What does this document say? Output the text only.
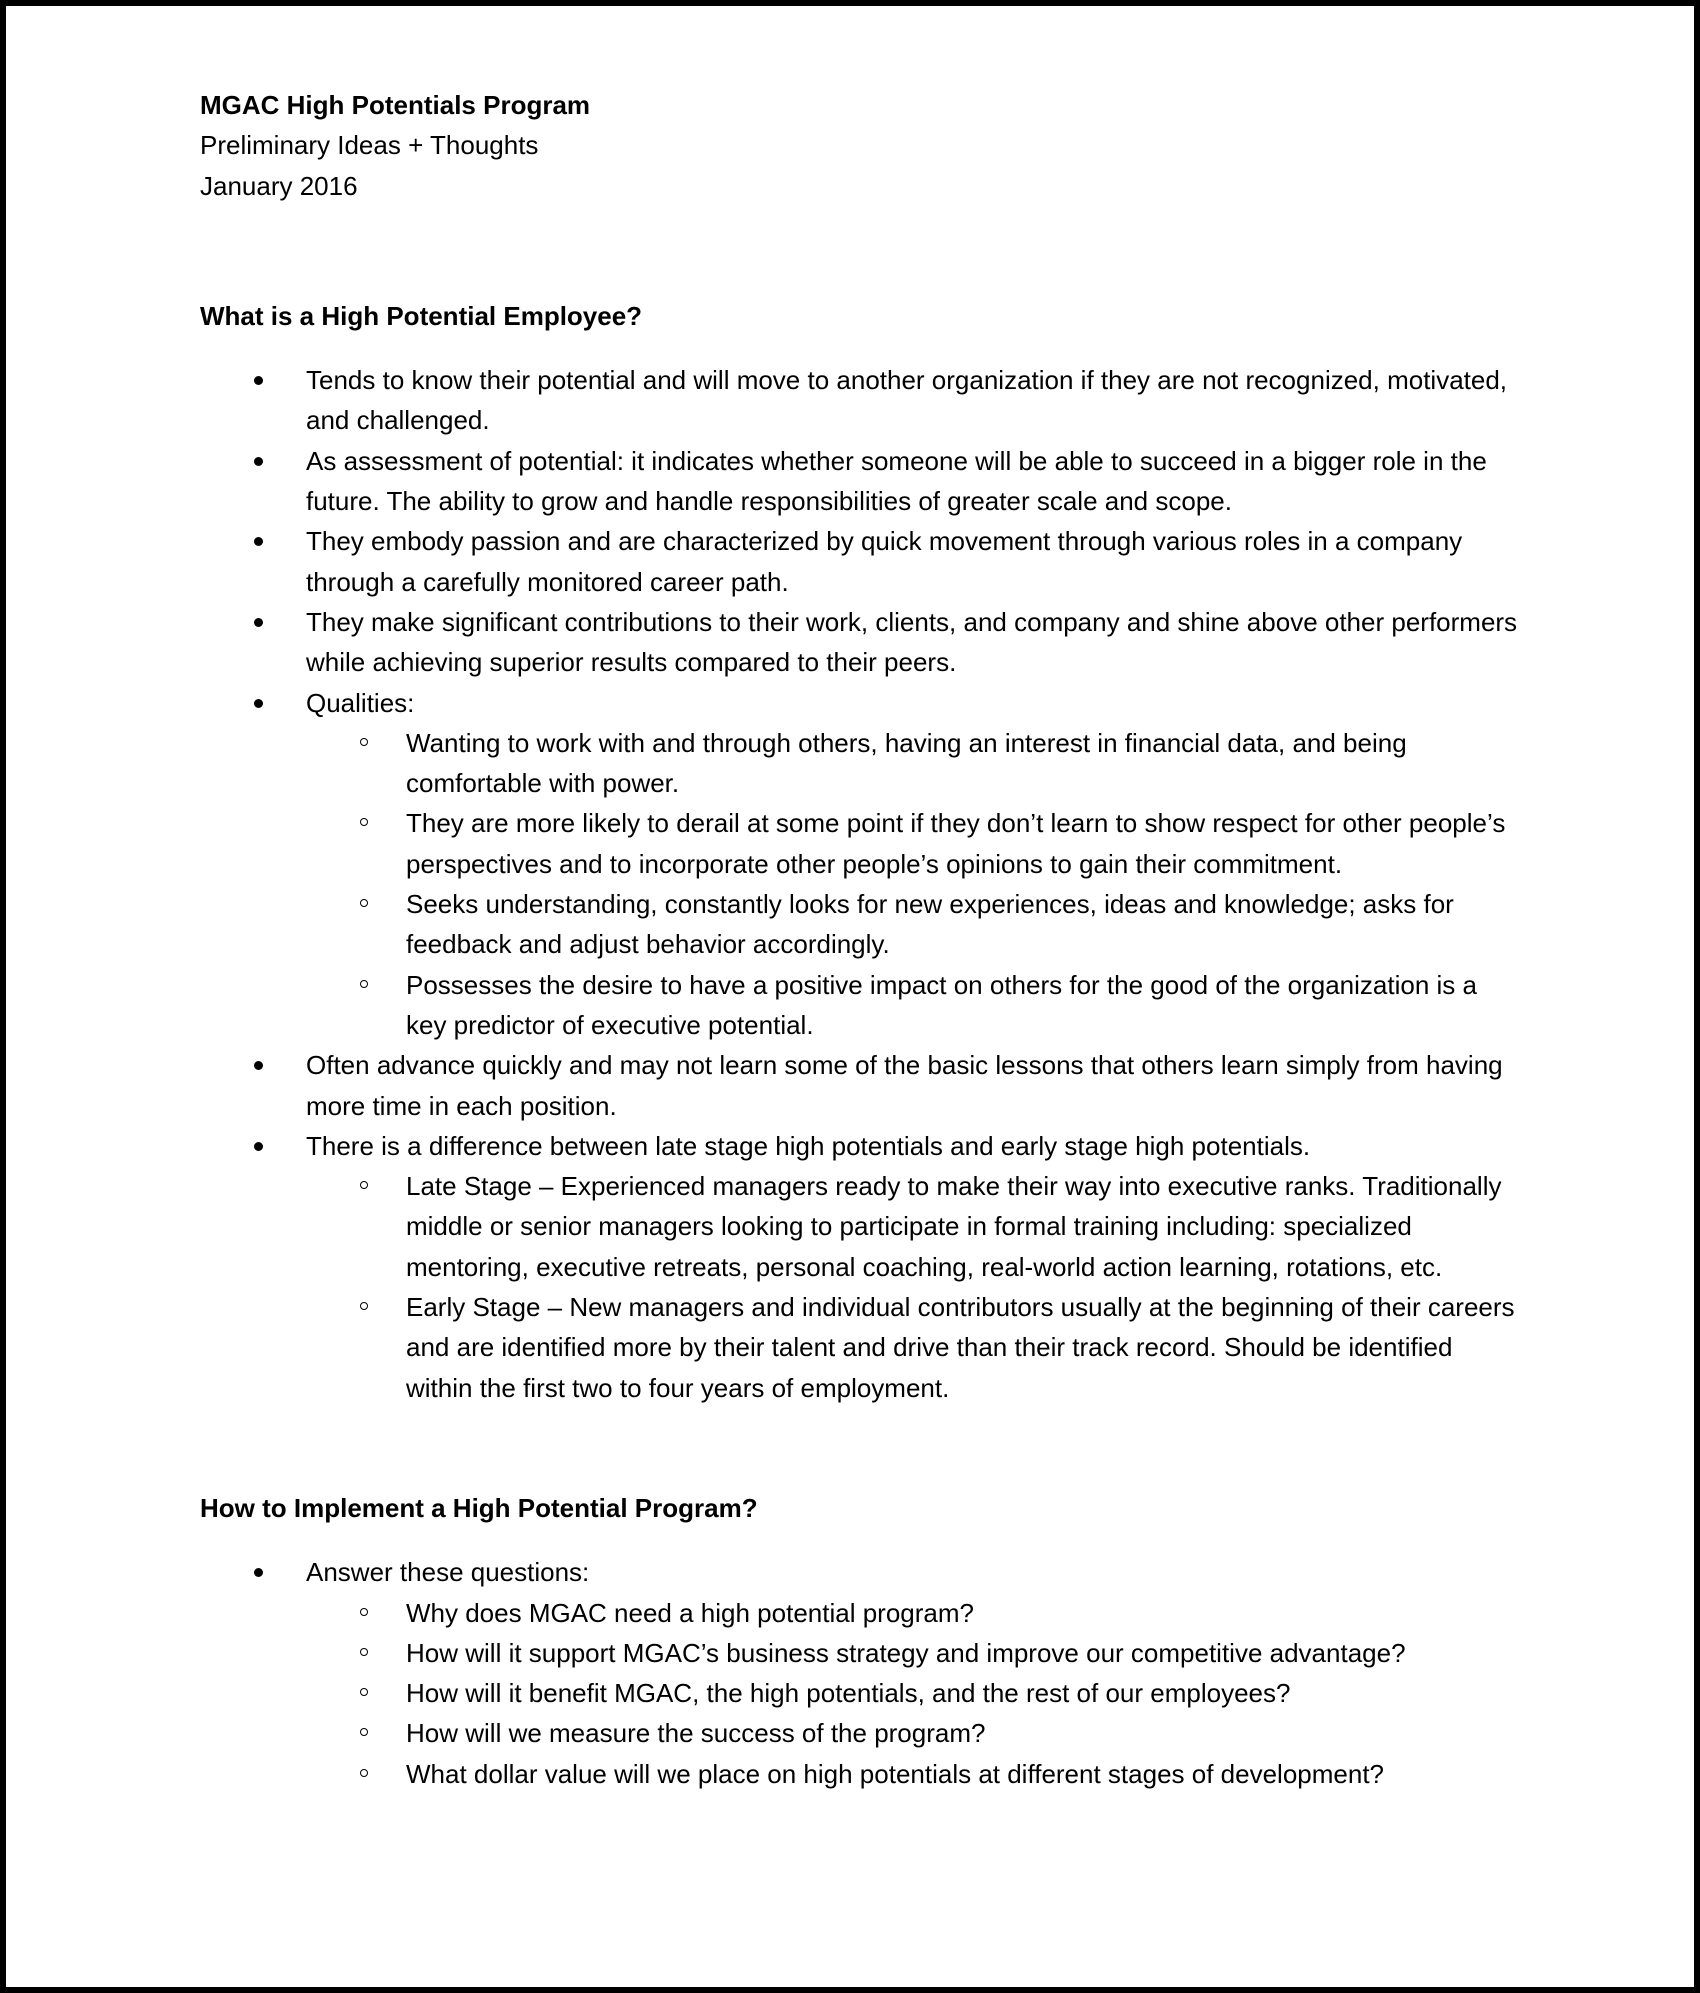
MGAC High Potentials Program
Preliminary Ideas + Thoughts
January 2016
What is a High Potential Employee?
Tends to know their potential and will move to another organization if they are not recognized, motivated, and challenged.
As assessment of potential: it indicates whether someone will be able to succeed in a bigger role in the future. The ability to grow and handle responsibilities of greater scale and scope.
They embody passion and are characterized by quick movement through various roles in a company through a carefully monitored career path.
They make significant contributions to their work, clients, and company and shine above other performers while achieving superior results compared to their peers.
Qualities:
Wanting to work with and through others, having an interest in financial data, and being comfortable with power.
They are more likely to derail at some point if they don’t learn to show respect for other people’s perspectives and to incorporate other people’s opinions to gain their commitment.
Seeks understanding, constantly looks for new experiences, ideas and knowledge; asks for feedback and adjust behavior accordingly.
Possesses the desire to have a positive impact on others for the good of the organization is a key predictor of executive potential.
Often advance quickly and may not learn some of the basic lessons that others learn simply from having more time in each position.
There is a difference between late stage high potentials and early stage high potentials.
Late Stage – Experienced managers ready to make their way into executive ranks. Traditionally middle or senior managers looking to participate in formal training including: specialized mentoring, executive retreats, personal coaching, real-world action learning, rotations, etc.
Early Stage – New managers and individual contributors usually at the beginning of their careers and are identified more by their talent and drive than their track record. Should be identified within the first two to four years of employment.
How to Implement a High Potential Program?
Answer these questions:
Why does MGAC need a high potential program?
How will it support MGAC’s business strategy and improve our competitive advantage?
How will it benefit MGAC, the high potentials, and the rest of our employees?
How will we measure the success of the program?
What dollar value will we place on high potentials at different stages of development?
